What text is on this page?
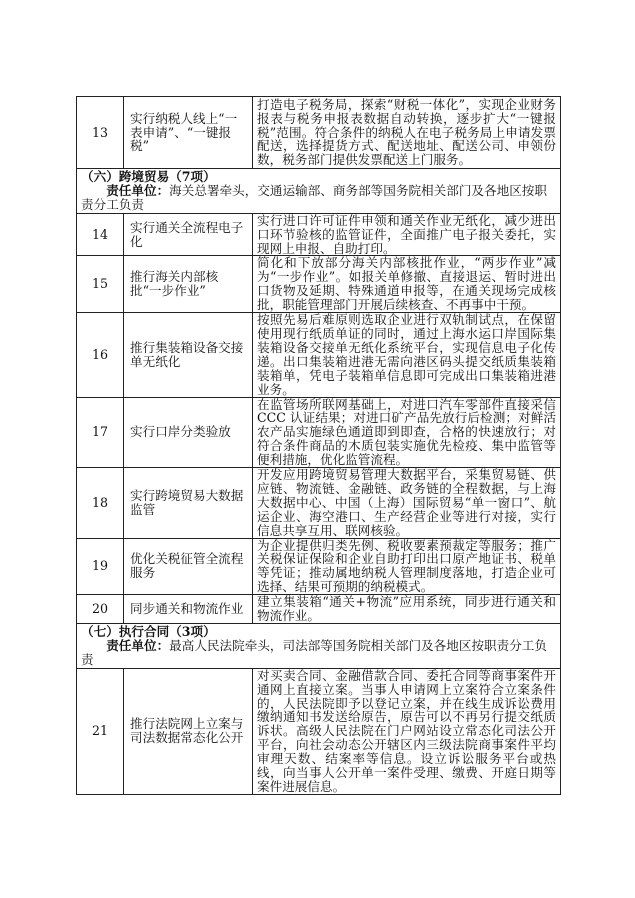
13	实行纳税人线上“一表申请”、“一键报税”	打造电子税务局，探索“财税一体化”，实现企业财务报表与税务申报表数据自动转换，逐步扩大“一键报税”范围。符合条件的纳税人在电子税务局上申请发票配送，选择提货方式、配送地址、配送公司、申领份数，税务部门提供发票配送上门服务。

（六）跨境贸易（7项）
责任单位：海关总署牵头，交通运输部、商务部等国务院相关部门及各地区按职责分工负责		

14	实行通关全流程电子化	实行进口许可证件申领和通关作业无纸化，减少进出口环节验核的监管证件，全面推广电子报关委托，实现网上申报、自助打印。
15	推行海关内部核批“一步作业”	简化和下放部分海关内部核批作业，“两步作业”减为“一步作业”。如报关单修撤、直接退运、暂时进出口货物及延期、特殊通道申报等，在通关现场完成核批，职能管理部门开展后续核查、不再事中干预。
16	推行集装箱设备交接单无纸化	按照先易后难原则选取企业进行双轨制试点，在保留使用现行纸质单证的同时，通过上海水运口岸国际集装箱设备交接单无纸化系统平台，实现信息电子化传递。出口集装箱进港无需向港区码头提交纸质集装箱装箱单，凭电子装箱单信息即可完成出口集装箱进港业务。
17	实行口岸分类验放	在监管场所联网基础上，对进口汽车零部件直接采信 CCC 认证结果；对进口矿产品先放行后检测；对鲜活农产品实施绿色通道即到即查，合格的快速放行；对符合条件商品的木质包装实施优先检疫、集中监管等便利措施，优化监管流程。
18	实行跨境贸易大数据监管	开发应用跨境贸易管理大数据平台，采集贸易链、供应链、物流链、金融链、政务链的全程数据，与上海大数据中心、中国（上海）国际贸易“单一窗口”、航运企业、海空港口、生产经营企业等进行对接，实行信息共享互用、联网核验。
19	优化关税征管全流程服务	为企业提供归类先例、税收要素预裁定等服务；推广关税保证保险和企业自助打印出口原产地证书、税单等凭证；推动属地纳税人管理制度落地，打造企业可选择、结果可预期的纳税模式。
20	同步通关和物流作业	建立集装箱“通关+物流”应用系统，同步进行通关和物流作业。

（七）执行合同（3项）
责任单位：最高人民法院牵头，司法部等国务院相关部门及各地区按职责分工负责		

21	推行法院网上立案与司法数据常态化公开	对买卖合同、金融借款合同、委托合同等商事案件开通网上直接立案。当事人申请网上立案符合立案条件的，人民法院即予以登记立案，并在线生成诉讼费用缴纳通知书发送给原告，原告可以不再另行提交纸质诉状。高级人民法院在门户网站设立常态化司法公开平台，向社会动态公开辖区内三级法院商事案件平均审理天数、结案率等信息。设立诉讼服务平台或热线，向当事人公开单一案件受理、缴费、开庭日期等案件进展信息。
